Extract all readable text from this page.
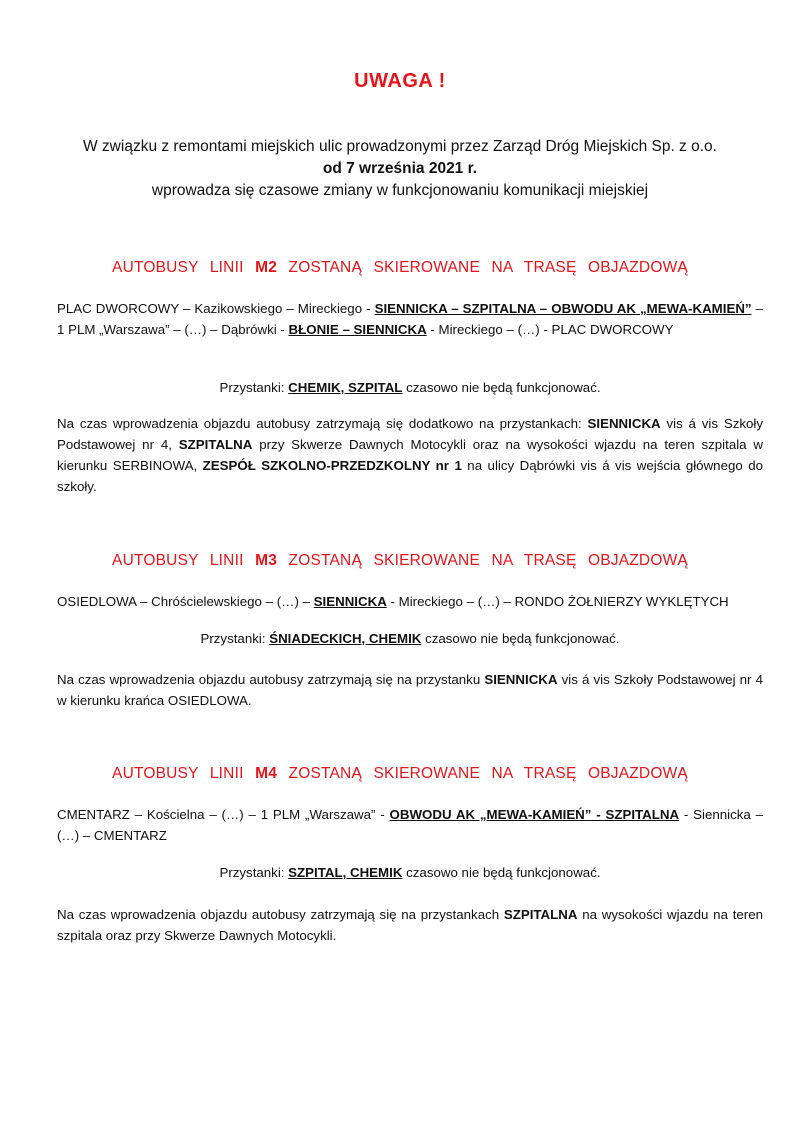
UWAGA !
W związku z remontami miejskich ulic prowadzonymi przez Zarząd Dróg Miejskich Sp. z o.o.
od 7 września 2021 r.
wprowadza się czasowe zmiany w funkcjonowaniu komunikacji miejskiej
AUTOBUSY LINII M2 ZOSTANĄ SKIEROWANE NA TRASĘ OBJAZDOWĄ
PLAC DWORCOWY – Kazikowskiego – Mireckiego - SIENNICKA – SZPITALNA – OBWODU AK „MEWA-KAMIEŃ” – 1 PLM „Warszawa” – (…) – Dąbrówki - BŁONIE – SIENNICKA - Mireckiego – (…) - PLAC DWORCOWY
Przystanki: CHEMIK, SZPITAL czasowo nie będą funkcjonować.
Na czas wprowadzenia objazdu autobusy zatrzymają się dodatkowo na przystankach: SIENNICKA vis á vis Szkoły Podstawowej nr 4, SZPITALNA przy Skwerze Dawnych Motocykli oraz na wysokości wjazdu na teren szpitala w kierunku SERBINOWA, ZESPÓŁ SZKOLNO-PRZEDZKOLNY nr 1 na ulicy Dąbrówki vis á vis wejścia głównego do szkoły.
AUTOBUSY LINII M3 ZOSTANĄ SKIEROWANE NA TRASĘ OBJAZDOWĄ
OSIEDLOWA – Chróścielewskiego – (…) – SIENNICKA - Mireckiego – (…) – RONDO ŻOŁNIERZY WYKLĘTYCH
Przystanki: ŚNIADECKICH, CHEMIK czasowo nie będą funkcjonować.
Na czas wprowadzenia objazdu autobusy zatrzymają się na przystanku SIENNICKA vis á vis Szkoły Podstawowej nr 4 w kierunku krańca OSIEDLOWA.
AUTOBUSY LINII M4 ZOSTANĄ SKIEROWANE NA TRASĘ OBJAZDOWĄ
CMENTARZ – Kościelna – (…) – 1 PLM „Warszawa” - OBWODU AK „MEWA-KAMIEŃ” - SZPITALNA - Siennicka – (…) – CMENTARZ
Przystanki: SZPITAL, CHEMIK czasowo nie będą funkcjonować.
Na czas wprowadzenia objazdu autobusy zatrzymają się na przystankach SZPITALNA na wysokości wjazdu na teren szpitala oraz przy Skwerze Dawnych Motocykli.
